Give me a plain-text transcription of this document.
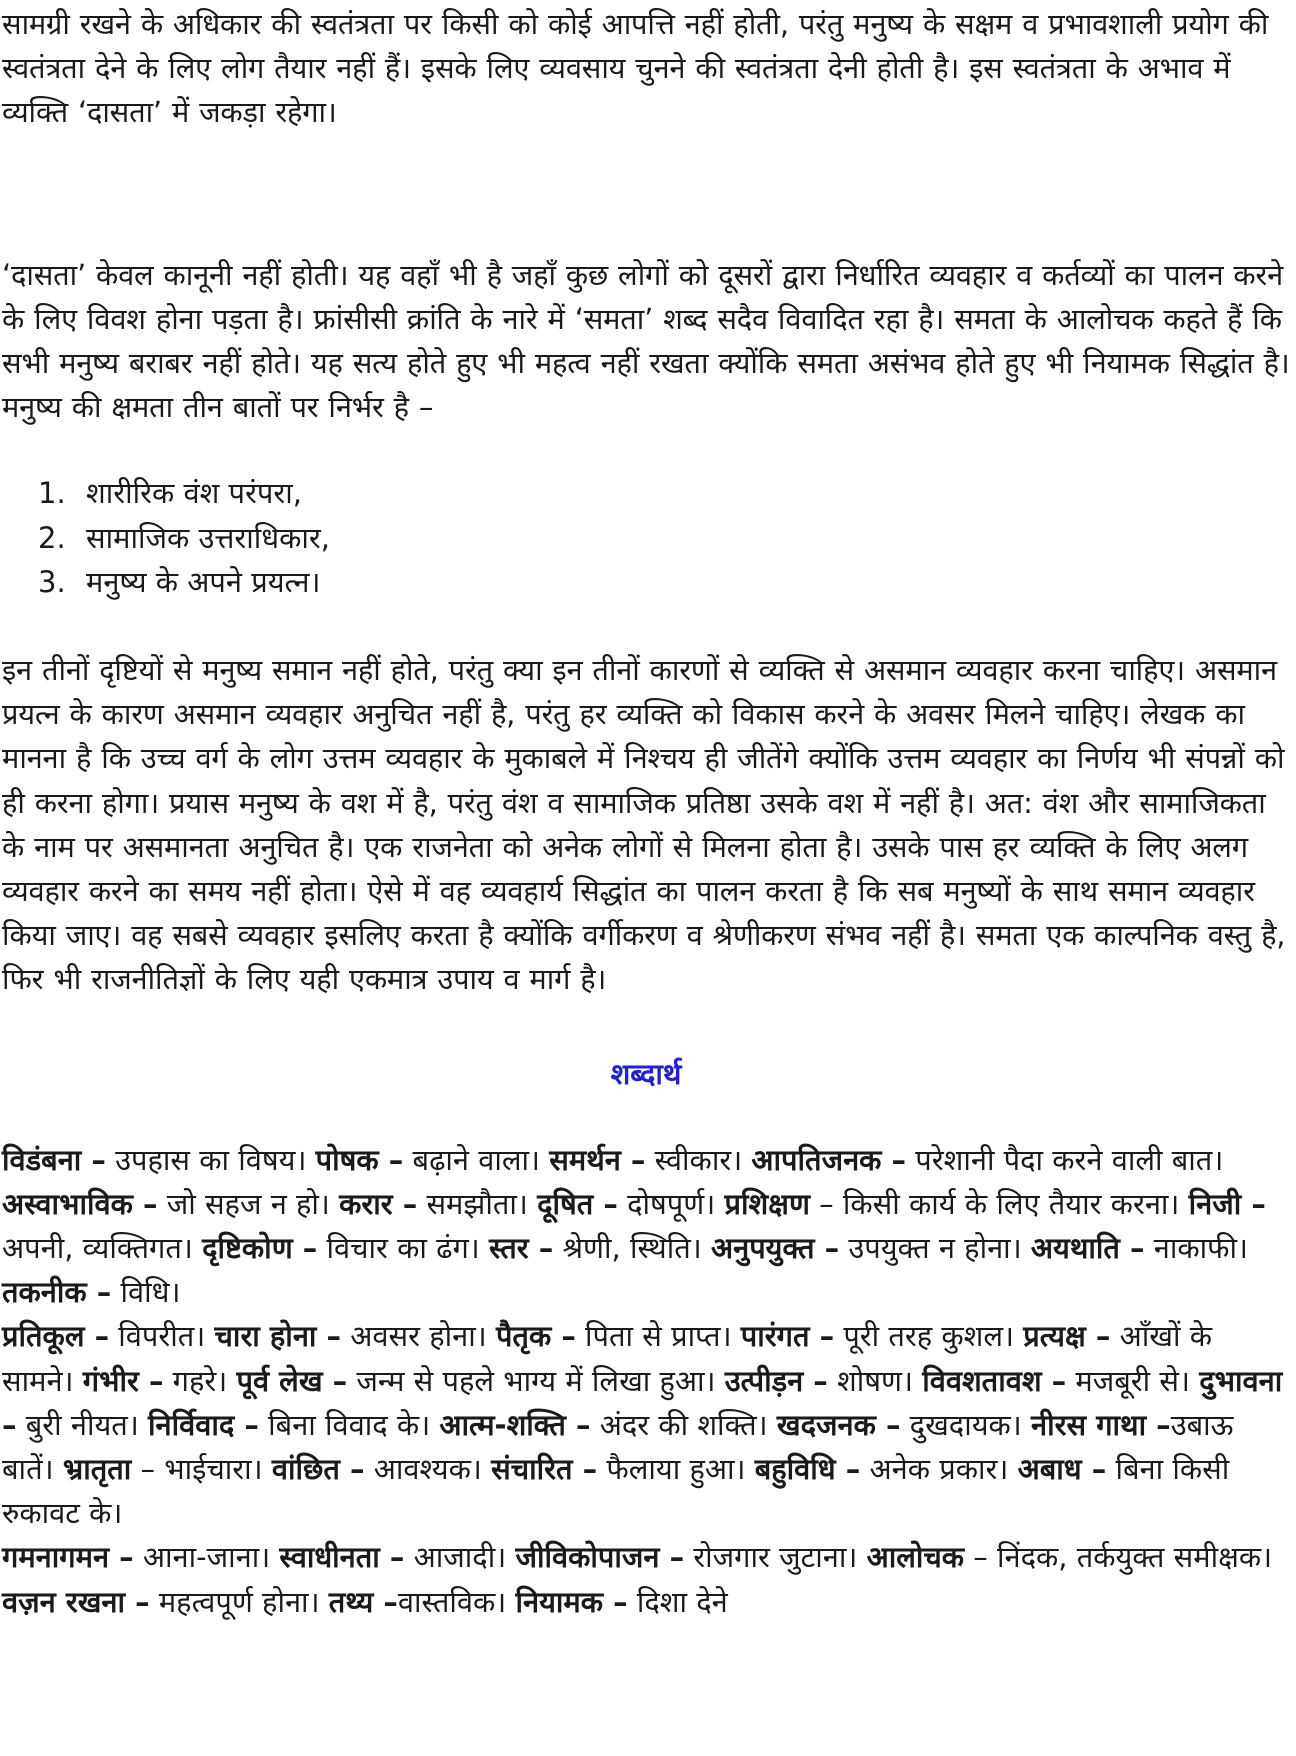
सामग्री रखने के अधिकार की स्वतंत्रता पर किसी को कोई आपत्ति नहीं होती, परंतु मनुष्य के सक्षम व प्रभावशाली प्रयोग की स्वतंत्रता देने के लिए लोग तैयार नहीं हैं। इसके लिए व्यवसाय चुनने की स्वतंत्रता देनी होती है। इस स्वतंत्रता के अभाव में व्यक्ति ‘दासता’ में जकड़ा रहेगा।

‘दासता’ केवल कानूनी नहीं होती। यह वहाँ भी है जहाँ कुछ लोगों को दूसरों द्वारा निर्धारित व्यवहार व कर्तव्यों का पालन करने के लिए विवश होना पड़ता है। फ्रांसीसी क्रांति के नारे में ‘समता’ शब्द सदैव विवादित रहा है। समता के आलोचक कहते हैं कि सभी मनुष्य बराबर नहीं होते। यह सत्य होते हुए भी महत्व नहीं रखता क्योंकि समता असंभव होते हुए भी नियामक सिद्धांत है। मनुष्य की क्षमता तीन बातों पर निर्भर है –

1. शारीरिक वंश परंपरा,
2. सामाजिक उत्तराधिकार,
3. मनुष्य के अपने प्रयत्न।

इन तीनों दृष्टियों से मनुष्य समान नहीं होते, परंतु क्या इन तीनों कारणों से व्यक्ति से असमान व्यवहार करना चाहिए। असमान प्रयत्न के कारण असमान व्यवहार अनुचित नहीं है, परंतु हर व्यक्ति को विकास करने के अवसर मिलने चाहिए। लेखक का मानना है कि उच्च वर्ग के लोग उत्तम व्यवहार के मुकाबले में निश्चय ही जीतेंगे क्योंकि उत्तम व्यवहार का निर्णय भी संपन्नों को ही करना होगा। प्रयास मनुष्य के वश में है, परंतु वंश व सामाजिक प्रतिष्ठा उसके वश में नहीं है। अत: वंश और सामाजिकता के नाम पर असमानता अनुचित है। एक राजनेता को अनेक लोगों से मिलना होता है। उसके पास हर व्यक्ति के लिए अलग व्यवहार करने का समय नहीं होता। ऐसे में वह व्यवहार्य सिद्धांत का पालन करता है कि सब मनुष्यों के साथ समान व्यवहार किया जाए। वह सबसे व्यवहार इसलिए करता है क्योंकि वर्गीकरण व श्रेणीकरण संभव नहीं है। समता एक काल्पनिक वस्तु है, फिर भी राजनीतिज्ञों के लिए यही एकमात्र उपाय व मार्ग है।

शब्दार्थ

विडंबना – उपहास का विषय। पोषक – बढ़ाने वाला। समर्थन – स्वीकार। आपतिजनक – परेशानी पैदा करने वाली बात। अस्वाभाविक – जो सहज न हो। करार – समझौता। दूषित – दोषपूर्ण। प्रशिक्षण – किसी कार्य के लिए तैयार करना। निजी –अपनी, व्यक्तिगत। दृष्टिकोण – विचार का ढंग। स्तर – श्रेणी, स्थिति। अनुपयुक्त – उपयुक्त न होना। अयथाति – नाकाफी। तकनीक – विधि।

प्रतिकूल – विपरीत। चारा होना – अवसर होना। पैतृक – पिता से प्राप्त। पारंगत – पूरी तरह कुशल। प्रत्यक्ष – आँखों के सामने। गंभीर – गहरे। पूर्व लेख – जन्म से पहले भाग्य में लिखा हुआ। उत्पीड़न – शोषण। विवशतावश – मजबूरी से। दुभावना – बुरी नीयत। निर्विवाद – बिना विवाद के। आत्म-शक्ति – अंदर की शक्ति। खदजनक – दुखदायक। नीरस गाथा –उबाऊ बातें। भ्रातृता – भाईचारा। वांछित – आवश्यक। संचारित – फैलाया हुआ। बहुविधि – अनेक प्रकार। अबाध – बिना किसी रुकावट के।

गमनागमन – आना-जाना। स्वाधीनता – आजादी। जीविकोपाजन – रोजगार जुटाना। आलोचक – निंदक, तर्कयुक्त समीक्षक। वज़न रखना – महत्वपूर्ण होना। तथ्य –वास्तविक। नियामक – दिशा देने
